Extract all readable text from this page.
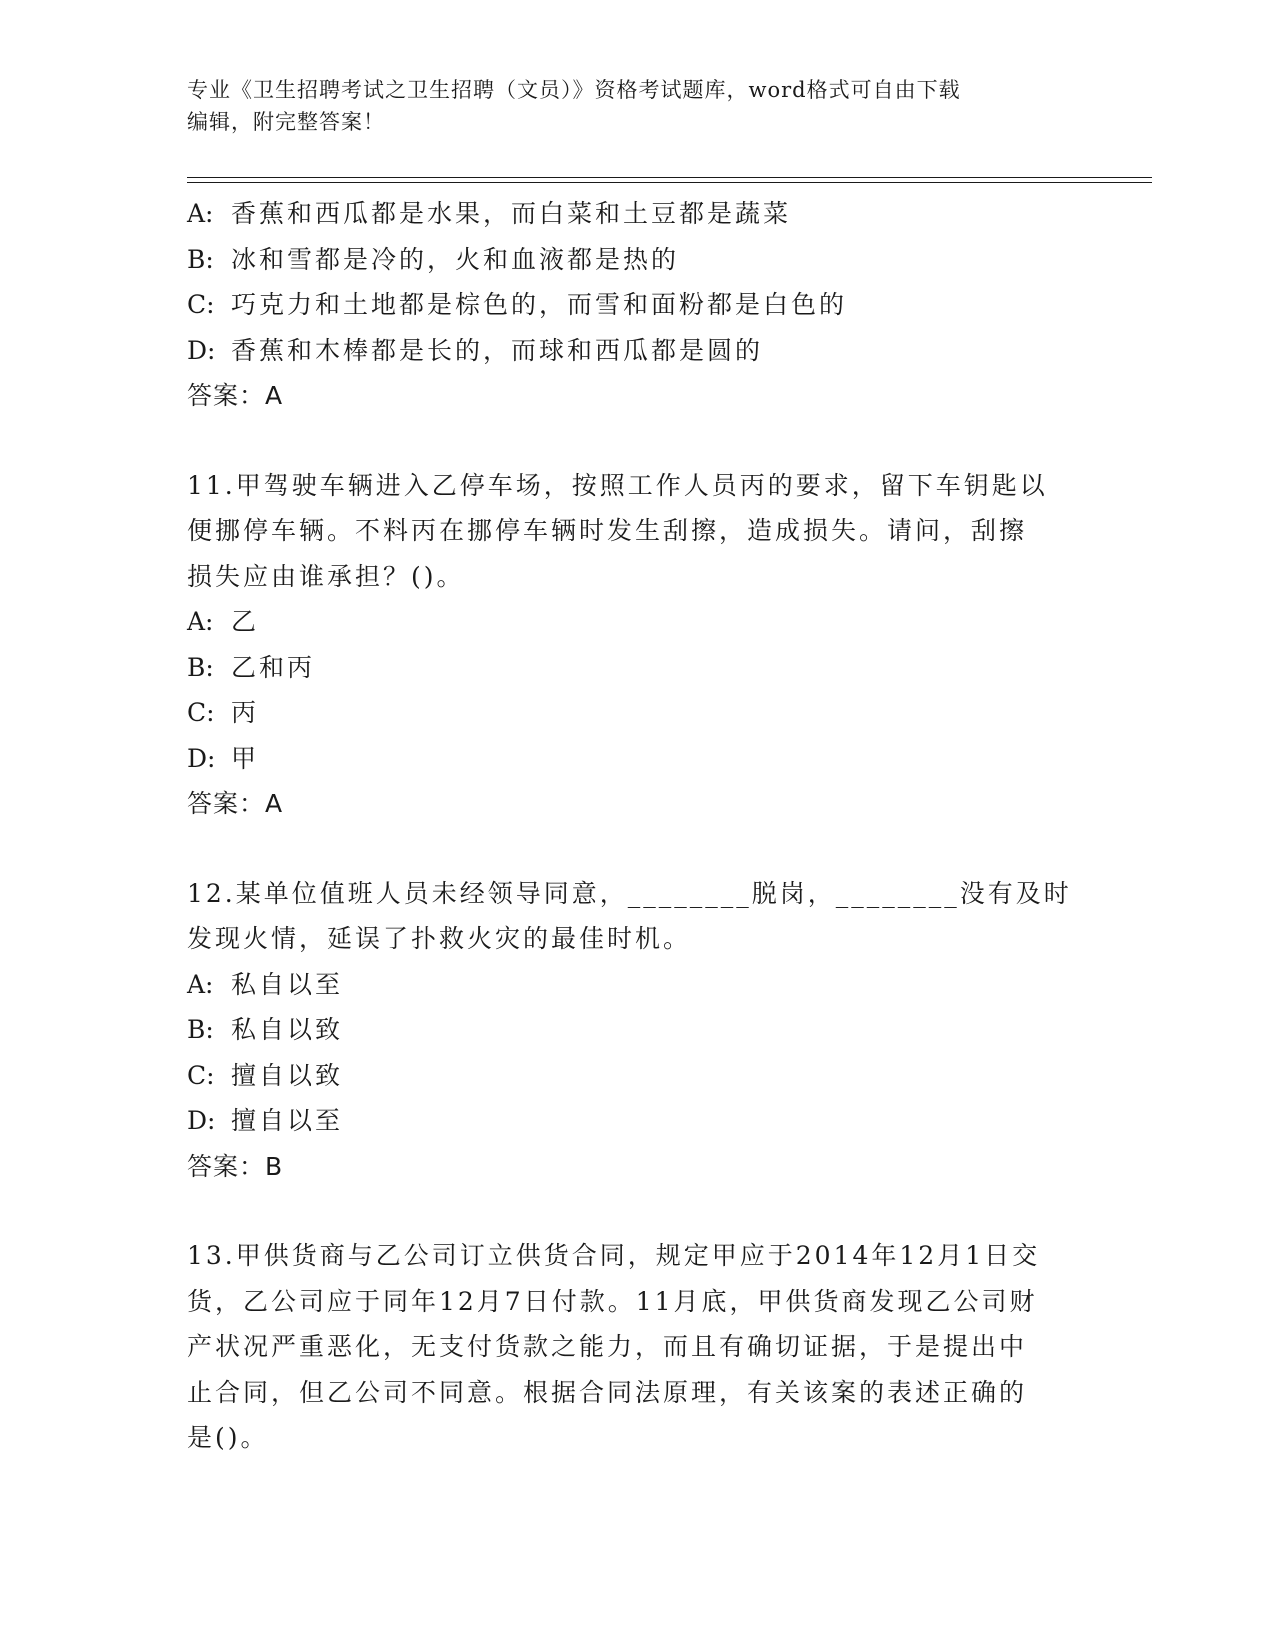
专业《卫生招聘考试之卫生招聘（文员）》资格考试题库，word格式可自由下载
编辑，附完整答案！
A: 香蕉和西瓜都是水果，而白菜和土豆都是蔬菜
B: 冰和雪都是冷的，火和血液都是热的
C: 巧克力和土地都是棕色的，而雪和面粉都是白色的
D: 香蕉和木棒都是长的，而球和西瓜都是圆的
答案：A
11.甲驾驶车辆进入乙停车场，按照工作人员丙的要求，留下车钥匙以
便挪停车辆。不料丙在挪停车辆时发生刮擦，造成损失。请问，刮擦
损失应由谁承担？()。
A: 乙
B: 乙和丙
C: 丙
D: 甲
答案：A
12.某单位值班人员未经领导同意，________脱岗，________没有及时
发现火情，延误了扑救火灾的最佳时机。
A: 私自以至
B: 私自以致
C: 擅自以致
D: 擅自以至
答案：B
13.甲供货商与乙公司订立供货合同，规定甲应于2014年12月1日交
货，乙公司应于同年12月7日付款。11月底，甲供货商发现乙公司财
产状况严重恶化，无支付货款之能力，而且有确切证据，于是提出中
止合同，但乙公司不同意。根据合同法原理，有关该案的表述正确的
是()。
